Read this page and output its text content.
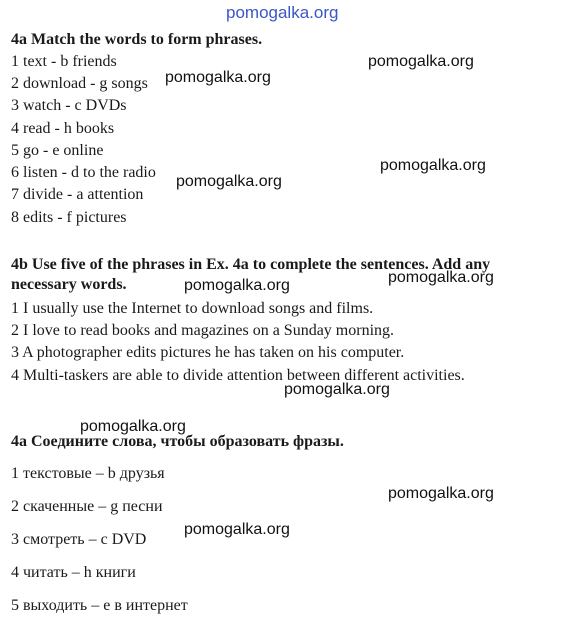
pomogalka.org
pomogalka.org
pomogalka.org
pomogalka.org
pomogalka.org
pomogalka.org
pomogalka.org
pomogalka.org
pomogalka.org
pomogalka.org
pomogalka.org
4a Match the words to form phrases.
1 text - b friends
2 download - g songs
3 watch - c DVDs
4 read - h books
5 go - e online
6 listen - d to the radio
7 divide - a attention
8 edits - f pictures
4b Use five of the phrases in Ex. 4a to complete the sentences. Add any necessary words.
1 I usually use the Internet to download songs and films.
2 I love to read books and magazines on a Sunday morning.
3 A photographer edits pictures he has taken on his computer.
4 Multi-taskers are able to divide attention between different activities.
4a Соедините слова, чтобы образовать фразы.
1 текстовые – b друзья
2 скаченные – g песни
3 смотреть – c DVD
4 читать – h книги
5 выходить – e в интернет
